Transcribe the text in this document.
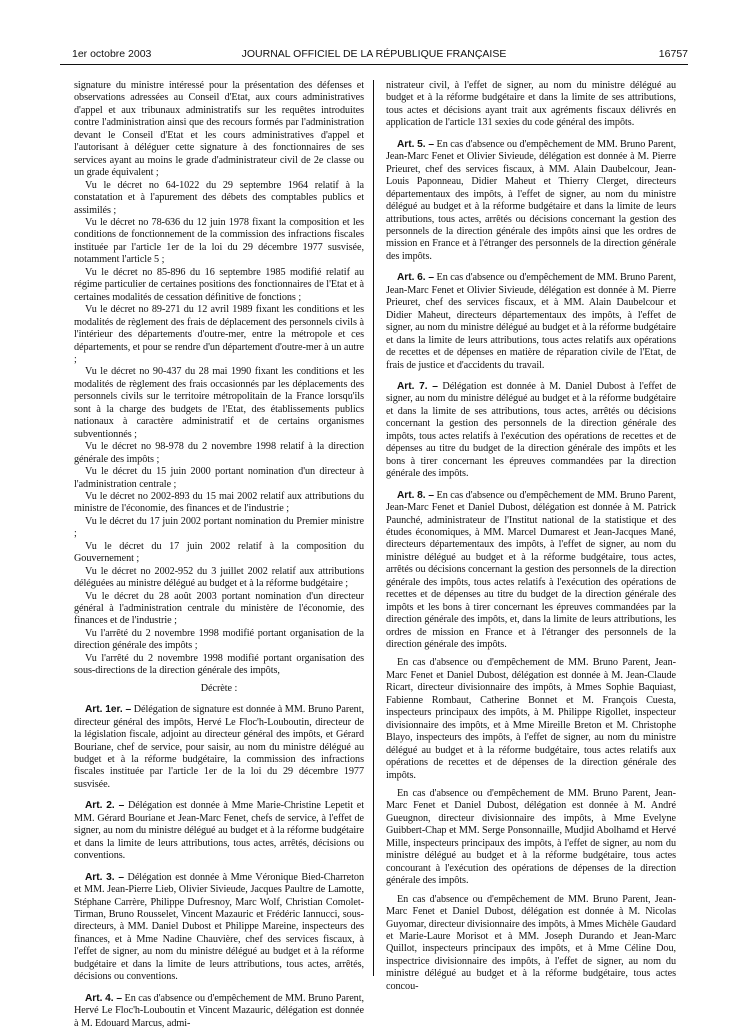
1er octobre 2003	JOURNAL OFFICIEL DE LA RÉPUBLIQUE FRANÇAISE	16757

signature du ministre intéressé pour la présentation des défenses et observations adressées au Conseil d'Etat, aux cours administratives d'appel et aux tribunaux administratifs sur les requêtes introduites contre l'administration ainsi que des recours formés par l'administration devant le Conseil d'Etat et les cours administratives d'appel et l'autorisant à déléguer cette signature à des fonctionnaires de ses services ayant au moins le grade d'administrateur civil de 2e classe ou un grade équivalent ;

Vu le décret no 64-1022 du 29 septembre 1964 relatif à la constatation et à l'apurement des débets des comptables publics et assimilés ;

Vu le décret no 78-636 du 12 juin 1978 fixant la composition et les conditions de fonctionnement de la commission des infractions fiscales instituée par l'article 1er de la loi du 29 décembre 1977 susvisée, notamment l'article 5 ;

Vu le décret no 85-896 du 16 septembre 1985 modifié relatif au régime particulier de certaines positions des fonctionnaires de l'Etat et à certaines modalités de cessation définitive de fonctions ;

Vu le décret no 89-271 du 12 avril 1989 fixant les conditions et les modalités de règlement des frais de déplacement des personnels civils à l'intérieur des départements d'outre-mer, entre la métropole et ces départements, et pour se rendre d'un département d'outre-mer à un autre ;

Vu le décret no 90-437 du 28 mai 1990 fixant les conditions et les modalités de règlement des frais occasionnés par les déplacements des personnels civils sur le territoire métropolitain de la France lorsqu'ils sont à la charge des budgets de l'Etat, des établissements publics nationaux à caractère administratif et de certains organismes subventionnés ;

Vu le décret no 98-978 du 2 novembre 1998 relatif à la direction générale des impôts ;

Vu le décret du 15 juin 2000 portant nomination d'un directeur à l'administration centrale ;

Vu le décret no 2002-893 du 15 mai 2002 relatif aux attributions du ministre de l'économie, des finances et de l'industrie ;

Vu le décret du 17 juin 2002 portant nomination du Premier ministre ;

Vu le décret du 17 juin 2002 relatif à la composition du Gouvernement ;

Vu le décret no 2002-952 du 3 juillet 2002 relatif aux attributions déléguées au ministre délégué au budget et à la réforme budgétaire ;

Vu le décret du 28 août 2003 portant nomination d'un directeur général à l'administration centrale du ministère de l'économie, des finances et de l'industrie ;

Vu l'arrêté du 2 novembre 1998 modifié portant organisation de la direction générale des impôts ;

Vu l'arrêté du 2 novembre 1998 modifié portant organisation des sous-directions de la direction générale des impôts,

Décrète :

Art. 1er. – Délégation de signature est donnée à MM. Bruno Parent, directeur général des impôts, Hervé Le Floc'h-Louboutin, directeur de la législation fiscale, adjoint au directeur général des impôts, et Gérard Bouriane, chef de service, pour saisir, au nom du ministre délégué au budget et à la réforme budgétaire, la commission des infractions fiscales instituée par l'article 1er de la loi du 29 décembre 1977 susvisée.

Art. 2. – Délégation est donnée à Mme Marie-Christine Lepetit et MM. Gérard Bouriane et Jean-Marc Fenet, chefs de service, à l'effet de signer, au nom du ministre délégué au budget et à la réforme budgétaire et dans la limite de leurs attributions, tous actes, arrêtés, décisions ou conventions.

Art. 3. – Délégation est donnée à Mme Véronique Bied-Charreton et MM. Jean-Pierre Lieb, Olivier Sivieude, Jacques Paultre de Lamotte, Stéphane Carrère, Philippe Dufresnoy, Marc Wolf, Christian Comolet-Tirman, Bruno Rousselet, Vincent Mazauric et Frédéric Iannucci, sous-directeurs, à MM. Daniel Dubost et Philippe Mareine, inspecteurs des finances, et à Mme Nadine Chauvière, chef des services fiscaux, à l'effet de signer, au nom du ministre délégué au budget et à la réforme budgétaire et dans la limite de leurs attributions, tous actes, arrêtés, décisions ou conventions.

Art. 4. – En cas d'absence ou d'empêchement de MM. Bruno Parent, Hervé Le Floc'h-Louboutin et Vincent Mazauric, délégation est donnée à M. Edouard Marcus, admi-

nistrateur civil, à l'effet de signer, au nom du ministre délégué au budget et à la réforme budgétaire et dans la limite de ses attributions, tous actes et décisions ayant trait aux agréments fiscaux délivrés en application de l'article 131 sexies du code général des impôts.

Art. 5. – En cas d'absence ou d'empêchement de MM. Bruno Parent, Jean-Marc Fenet et Olivier Sivieude, délégation est donnée à M. Pierre Prieuret, chef des services fiscaux, à MM. Alain Daubelcour, Jean-Louis Paponneau, Didier Maheut et Thierry Clerget, directeurs départementaux des impôts, à l'effet de signer, au nom du ministre délégué au budget et à la réforme budgétaire et dans la limite de leurs attributions, tous actes, arrêtés ou décisions concernant la gestion des personnels de la direction générale des impôts ainsi que les ordres de mission en France et à l'étranger des personnels de la direction générale des impôts.

Art. 6. – En cas d'absence ou d'empêchement de MM. Bruno Parent, Jean-Marc Fenet et Olivier Sivieude, délégation est donnée à M. Pierre Prieuret, chef des services fiscaux, et à MM. Alain Daubelcour et Didier Maheut, directeurs départementaux des impôts, à l'effet de signer, au nom du ministre délégué au budget et à la réforme budgétaire et dans la limite de leurs attributions, tous actes relatifs aux opérations de recettes et de dépenses en matière de réparation civile de l'Etat, de frais de justice et d'accidents du travail.

Art. 7. – Délégation est donnée à M. Daniel Dubost à l'effet de signer, au nom du ministre délégué au budget et à la réforme budgétaire et dans la limite de ses attributions, tous actes, arrêtés ou décisions concernant la gestion des personnels de la direction générale des impôts, tous actes relatifs à l'exécution des opérations de recettes et de dépenses au titre du budget de la direction générale des impôts et les bons à tirer concernant les épreuves commandées par la direction générale des impôts.

Art. 8. – En cas d'absence ou d'empêchement de MM. Bruno Parent, Jean-Marc Fenet et Daniel Dubost, délégation est donnée à M. Patrick Paunché, administrateur de l'Institut national de la statistique et des études économiques, à MM. Marcel Dumarest et Jean-Jacques Mané, directeurs départementaux des impôts, à l'effet de signer, au nom du ministre délégué au budget et à la réforme budgétaire, tous actes, arrêtés ou décisions concernant la gestion des personnels de la direction générale des impôts, tous actes relatifs à l'exécution des opérations de recettes et de dépenses au titre du budget de la direction générale des impôts et les bons à tirer concernant les épreuves commandées par la direction générale des impôts, et, dans la limite de leurs attributions, les ordres de mission en France et à l'étranger des personnels de la direction générale des impôts.

En cas d'absence ou d'empêchement de MM. Bruno Parent, Jean-Marc Fenet et Daniel Dubost, délégation est donnée à M. Jean-Claude Ricart, directeur divisionnaire des impôts, à Mmes Sophie Baquiast, Fabienne Rombaut, Catherine Bonnet et M. François Cuesta, inspecteurs principaux des impôts, à M. Philippe Rigollet, inspecteur divisionnaire des impôts, et à Mme Mireille Breton et M. Christophe Blayo, inspecteurs des impôts, à l'effet de signer, au nom du ministre délégué au budget et à la réforme budgétaire, tous actes relatifs aux opérations de recettes et de dépenses de la direction générale des impôts.

En cas d'absence ou d'empêchement de MM. Bruno Parent, Jean-Marc Fenet et Daniel Dubost, délégation est donnée à M. André Gueugnon, directeur divisionnaire des impôts, à Mme Evelyne Guibbert-Chap et MM. Serge Ponsonnaille, Mudjid Abolhamd et Hervé Mille, inspecteurs principaux des impôts, à l'effet de signer, au nom du ministre délégué au budget et à la réforme budgétaire, tous actes concourant à l'exécution des opérations de dépenses de la direction générale des impôts.

En cas d'absence ou d'empêchement de MM. Bruno Parent, Jean-Marc Fenet et Daniel Dubost, délégation est donnée à M. Nicolas Guyomar, directeur divisionnaire des impôts, à Mmes Michèle Gaudard et Marie-Laure Morisot et à MM. Joseph Durando et Jean-Marc Quillot, inspecteurs principaux des impôts, et à Mme Céline Dou, inspectrice divisionnaire des impôts, à l'effet de signer, au nom du ministre délégué au budget et à la réforme budgétaire, tous actes concou-
